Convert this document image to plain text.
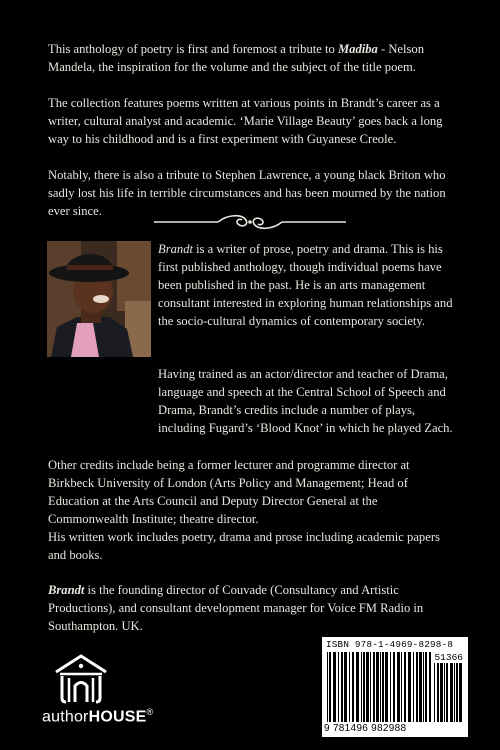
This anthology of poetry is first and foremost a tribute to Madiba - Nelson Mandela, the inspiration for the volume and the subject of the title poem.

The collection features poems written at various points in Brandt’s career as a writer, cultural analyst and academic. ‘Marie Village Beauty’ goes back a long way to his childhood and is a first experiment with Guyanese Creole.

Notably, there is also a tribute to Stephen Lawrence, a young black Briton who sadly lost his life in terrible circumstances and has been mourned by the nation ever since.

Brandt is a writer of prose, poetry and drama. This is his first published anthology, though individual poems have been published in the past. He is an arts management consultant interested in exploring human relationships and the socio-cultural dynamics of contemporary society.

Having trained as an actor/director and teacher of Drama, language and speech at the Central School of Speech and Drama, Brandt’s credits include a number of plays, including Fugard’s ‘Blood Knot’ in which he played Zach.

Other credits include being a former lecturer and programme director at Birkbeck University of London (Arts Policy and Management; Head of Education at the Arts Council and Deputy Director General at the Commonwealth Institute; theatre director.

His written work includes poetry, drama and prose including academic papers and books.

Brandt is the founding director of Couvade (Consultancy and Artistic Productions), and consultant development manager for Voice FM Radio in Southampton. UK.

authorHOUSE®
ISBN 978-1-4969-8298-8
51366
9 781496 982988
